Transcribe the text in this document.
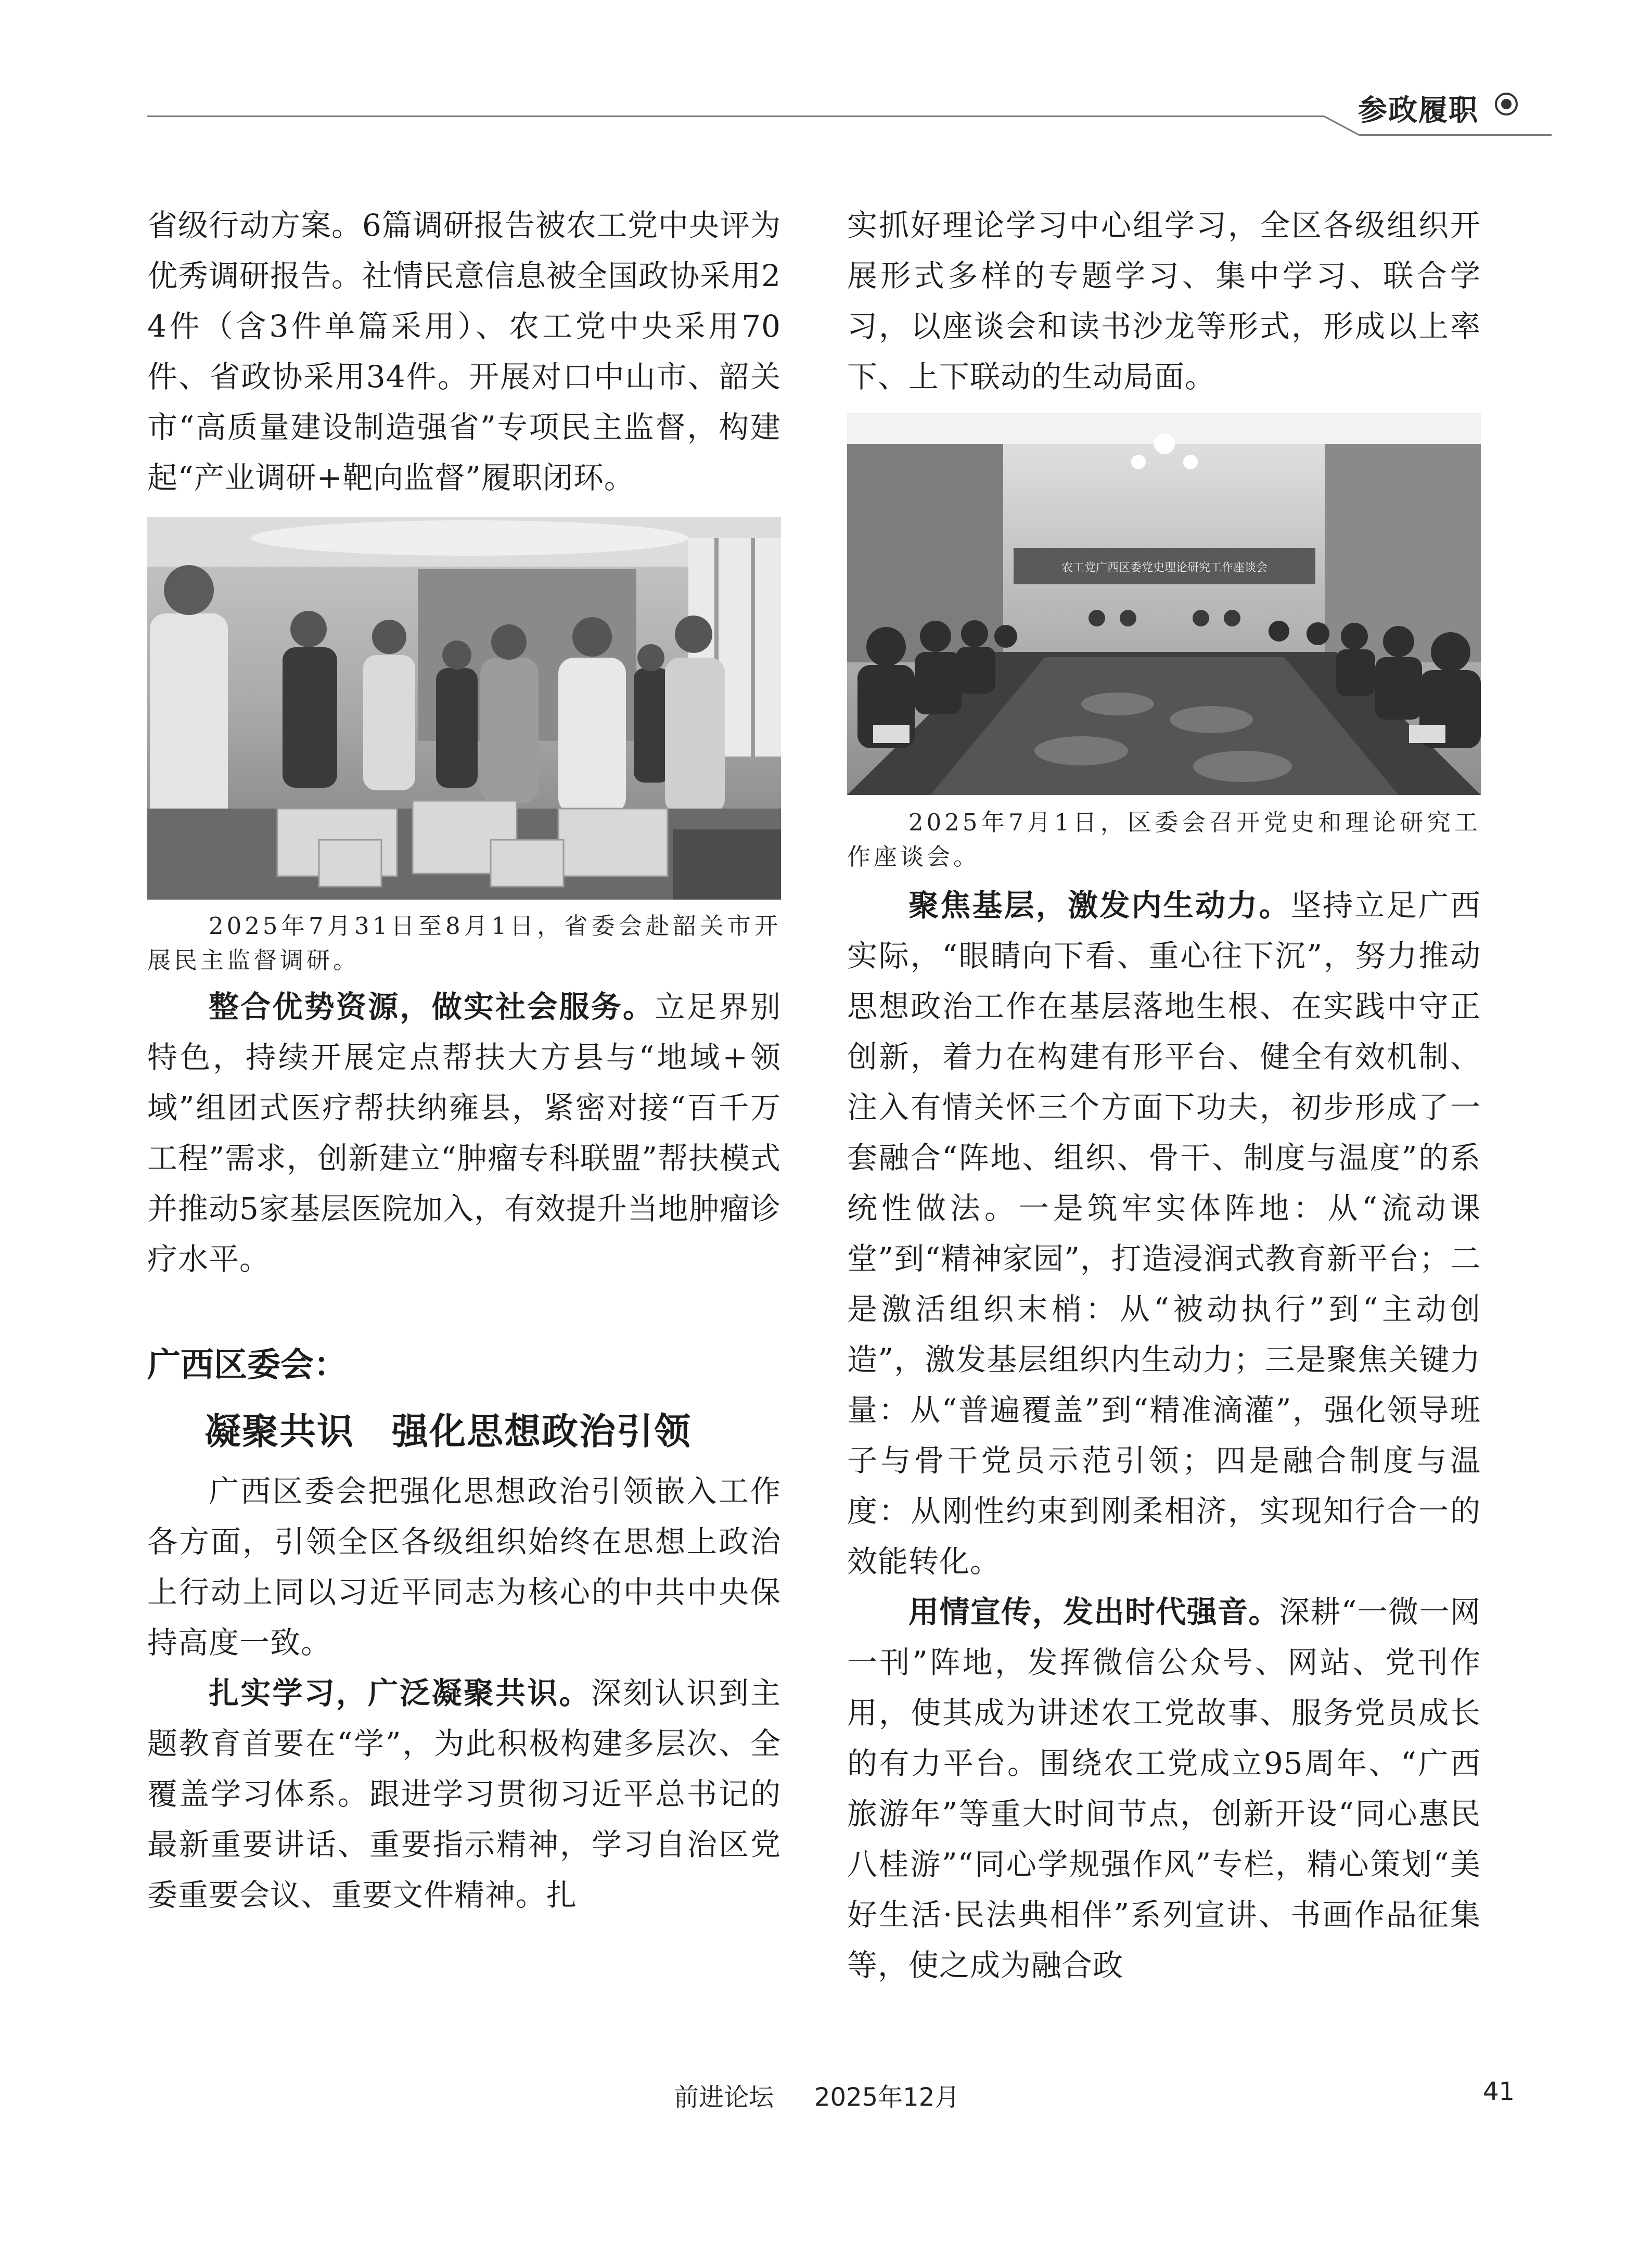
参政履职

省级行动方案。6篇调研报告被农工党中央评为优秀调研报告。社情民意信息被全国政协采用24件（含3件单篇采用）、农工党中央采用70件、省政协采用34件。开展对口中山市、韶关市“高质量建设制造强省”专项民主监督，构建起“产业调研+靶向监督”履职闭环。

2025年7月31日至8月1日，省委会赴韶关市开展民主监督调研。

整合优势资源，做实社会服务。立足界别特色，持续开展定点帮扶大方县与“地域+领域”组团式医疗帮扶纳雍县，紧密对接“百千万工程”需求，创新建立“肿瘤专科联盟”帮扶模式并推动5家基层医院加入，有效提升当地肿瘤诊疗水平。

广西区委会：

凝聚共识　强化思想政治引领

广西区委会把强化思想政治引领嵌入工作各方面，引领全区各级组织始终在思想上政治上行动上同以习近平同志为核心的中共中央保持高度一致。

扎实学习，广泛凝聚共识。深刻认识到主题教育首要在“学”，为此积极构建多层次、全覆盖学习体系。跟进学习贯彻习近平总书记的最新重要讲话、重要指示精神，学习自治区党委重要会议、重要文件精神。扎

实抓好理论学习中心组学习，全区各级组织开展形式多样的专题学习、集中学习、联合学习，以座谈会和读书沙龙等形式，形成以上率下、上下联动的生动局面。

农工党广西区委党史理论研究工作座谈会

2025年7月1日，区委会召开党史和理论研究工作座谈会。

聚焦基层，激发内生动力。坚持立足广西实际，“眼睛向下看、重心往下沉”，努力推动思想政治工作在基层落地生根、在实践中守正创新，着力在构建有形平台、健全有效机制、注入有情关怀三个方面下功夫，初步形成了一套融合“阵地、组织、骨干、制度与温度”的系统性做法。一是筑牢实体阵地：从“流动课堂”到“精神家园”，打造浸润式教育新平台；二是激活组织末梢：从“被动执行”到“主动创造”，激发基层组织内生动力；三是聚焦关键力量：从“普遍覆盖”到“精准滴灌”，强化领导班子与骨干党员示范引领；四是融合制度与温度：从刚性约束到刚柔相济，实现知行合一的效能转化。

用情宣传，发出时代强音。深耕“一微一网一刊”阵地，发挥微信公众号、网站、党刊作用，使其成为讲述农工党故事、服务党员成长的有力平台。围绕农工党成立95周年、“广西旅游年”等重大时间节点，创新开设“同心惠民八桂游”“同心学规强作风”专栏，精心策划“美好生活·民法典相伴”系列宣讲、书画作品征集等，使之成为融合政

前进论坛 2025年12月	41
